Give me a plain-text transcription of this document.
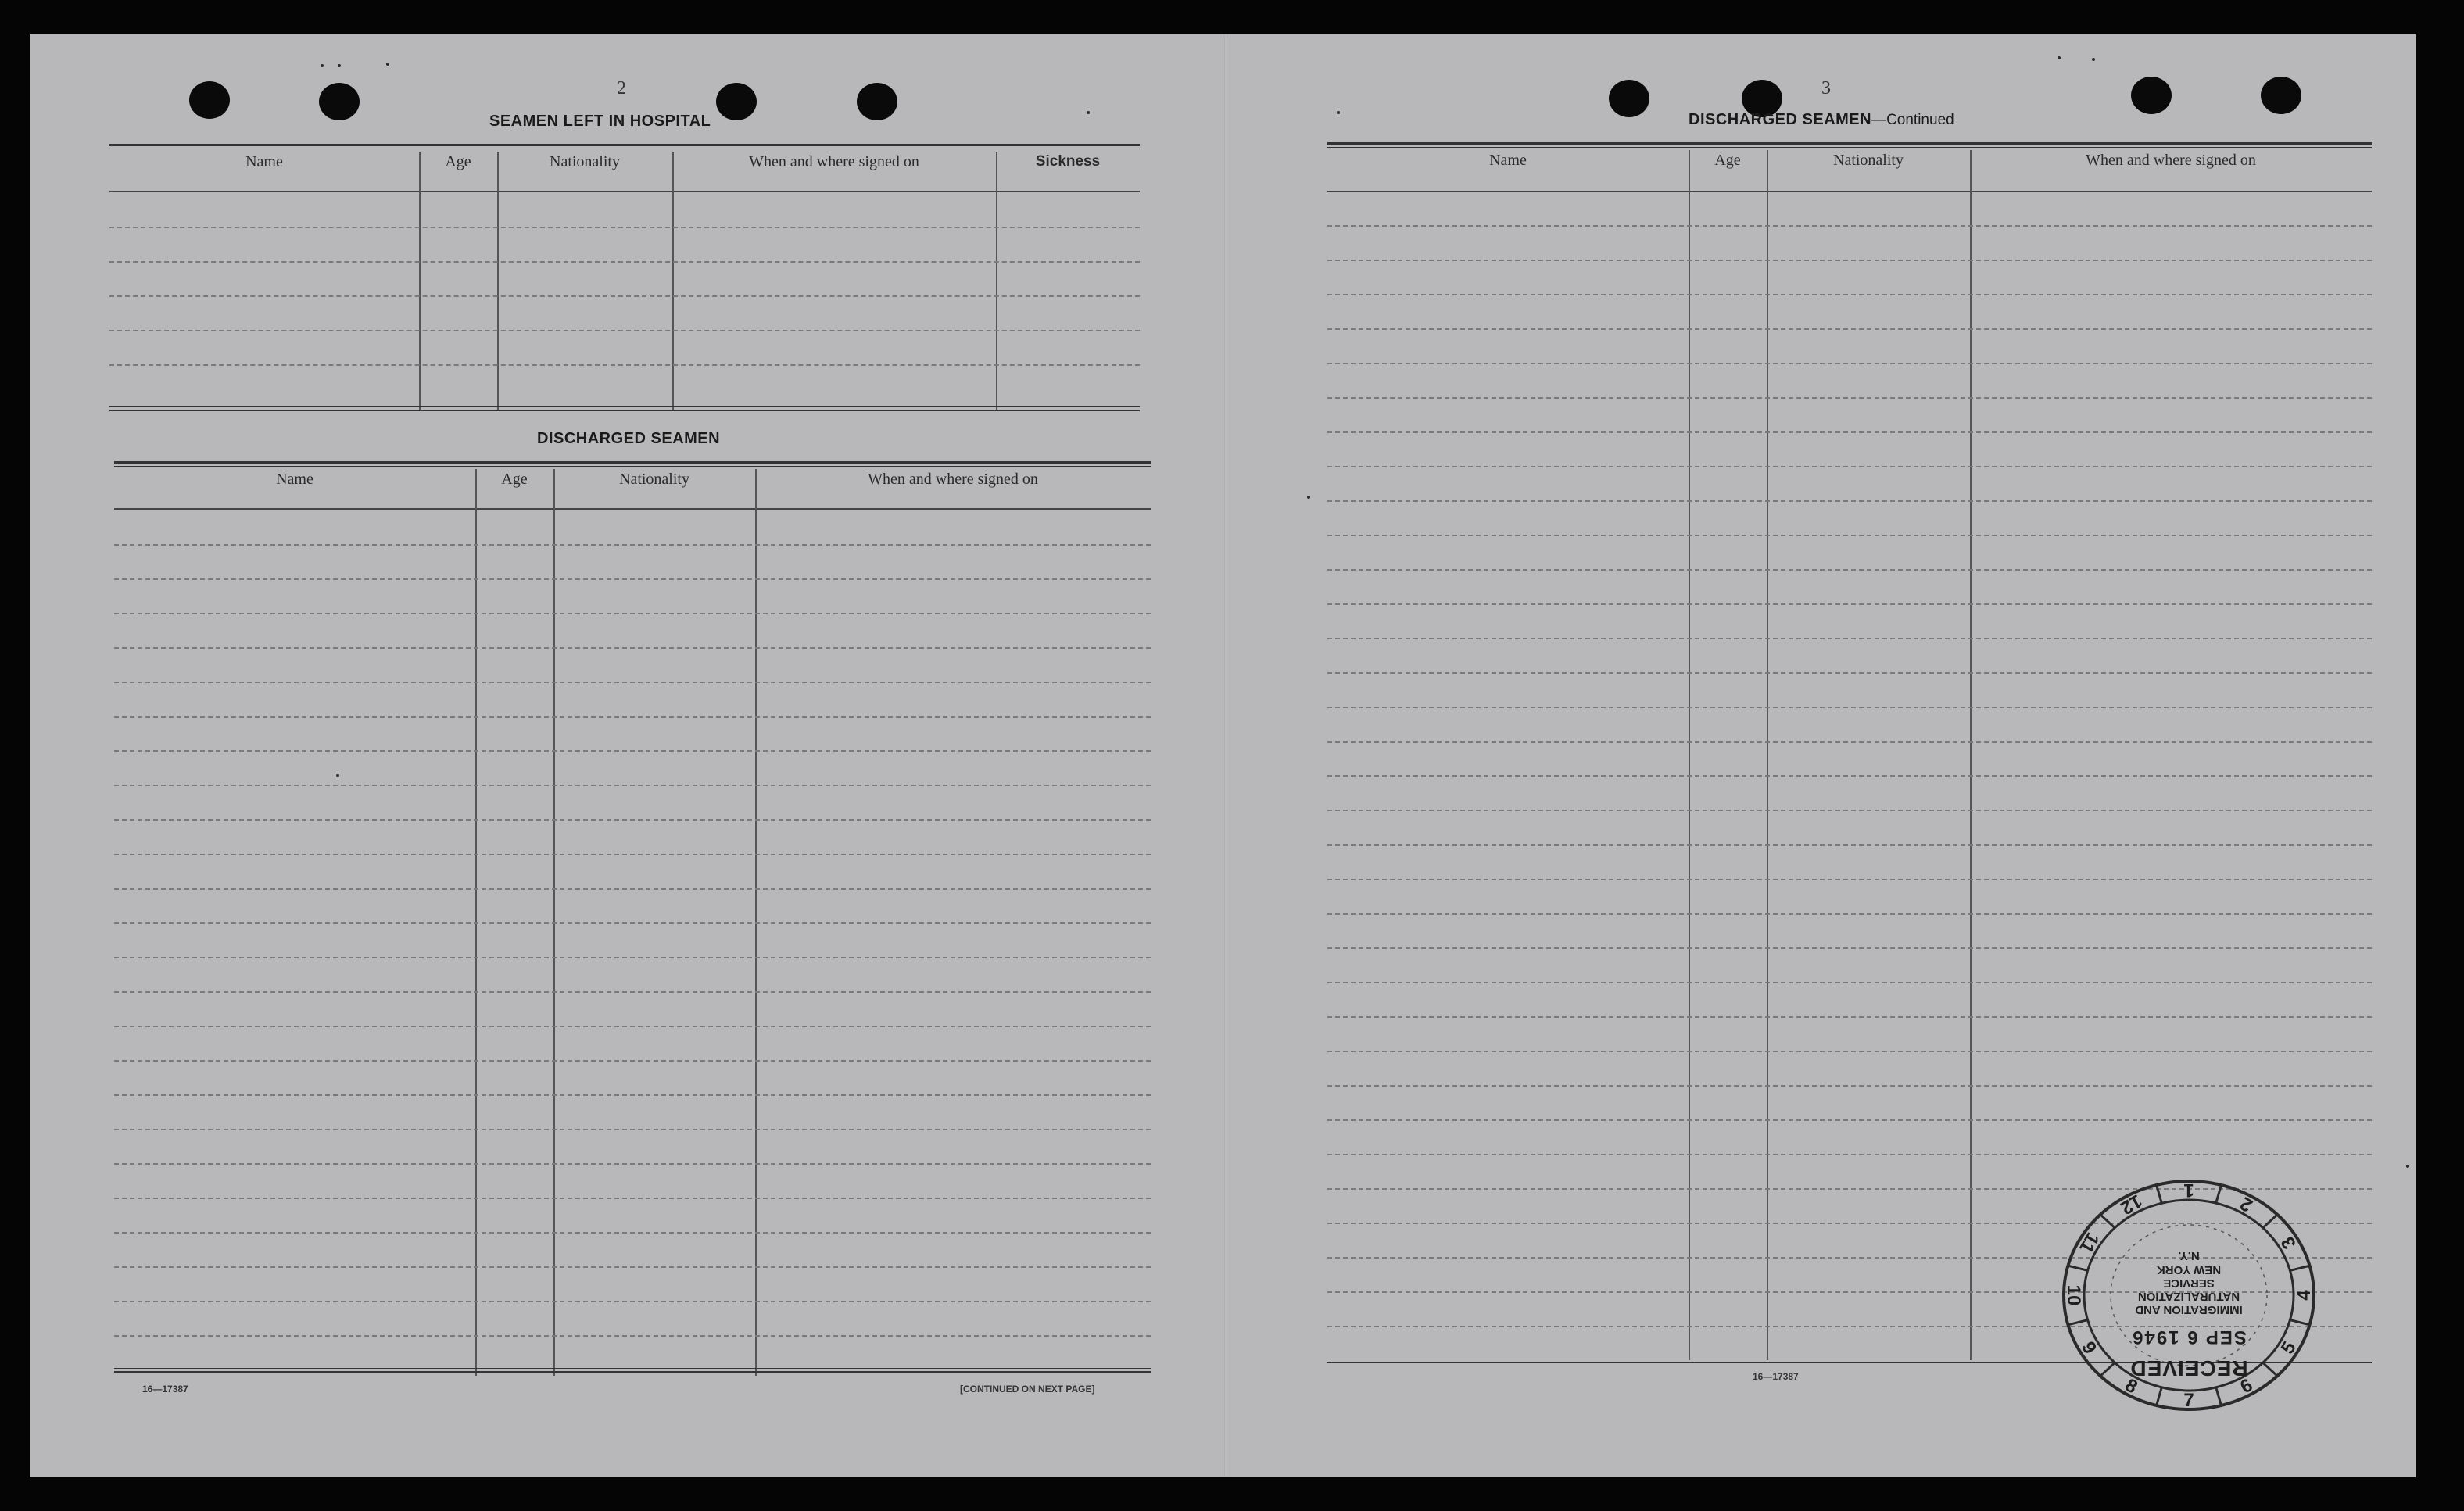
2
SEAMEN LEFT IN HOSPITAL
Name	Age	Nationality	When and where signed on	Sickness
DISCHARGED SEAMEN
Name	Age	Nationality	When and where signed on
16—17387	[CONTINUED ON NEXT PAGE]
3
DISCHARGED SEAMEN—Continued
Name	Age	Nationality	When and where signed on
16—17387
1
2
3
4
5
6
7
8
9
10
11
12
N.Y.
NEW YORK
SERVICE
NATURALIZATION
IMMIGRATION AND
SEP 6 1946
RECEIVED
